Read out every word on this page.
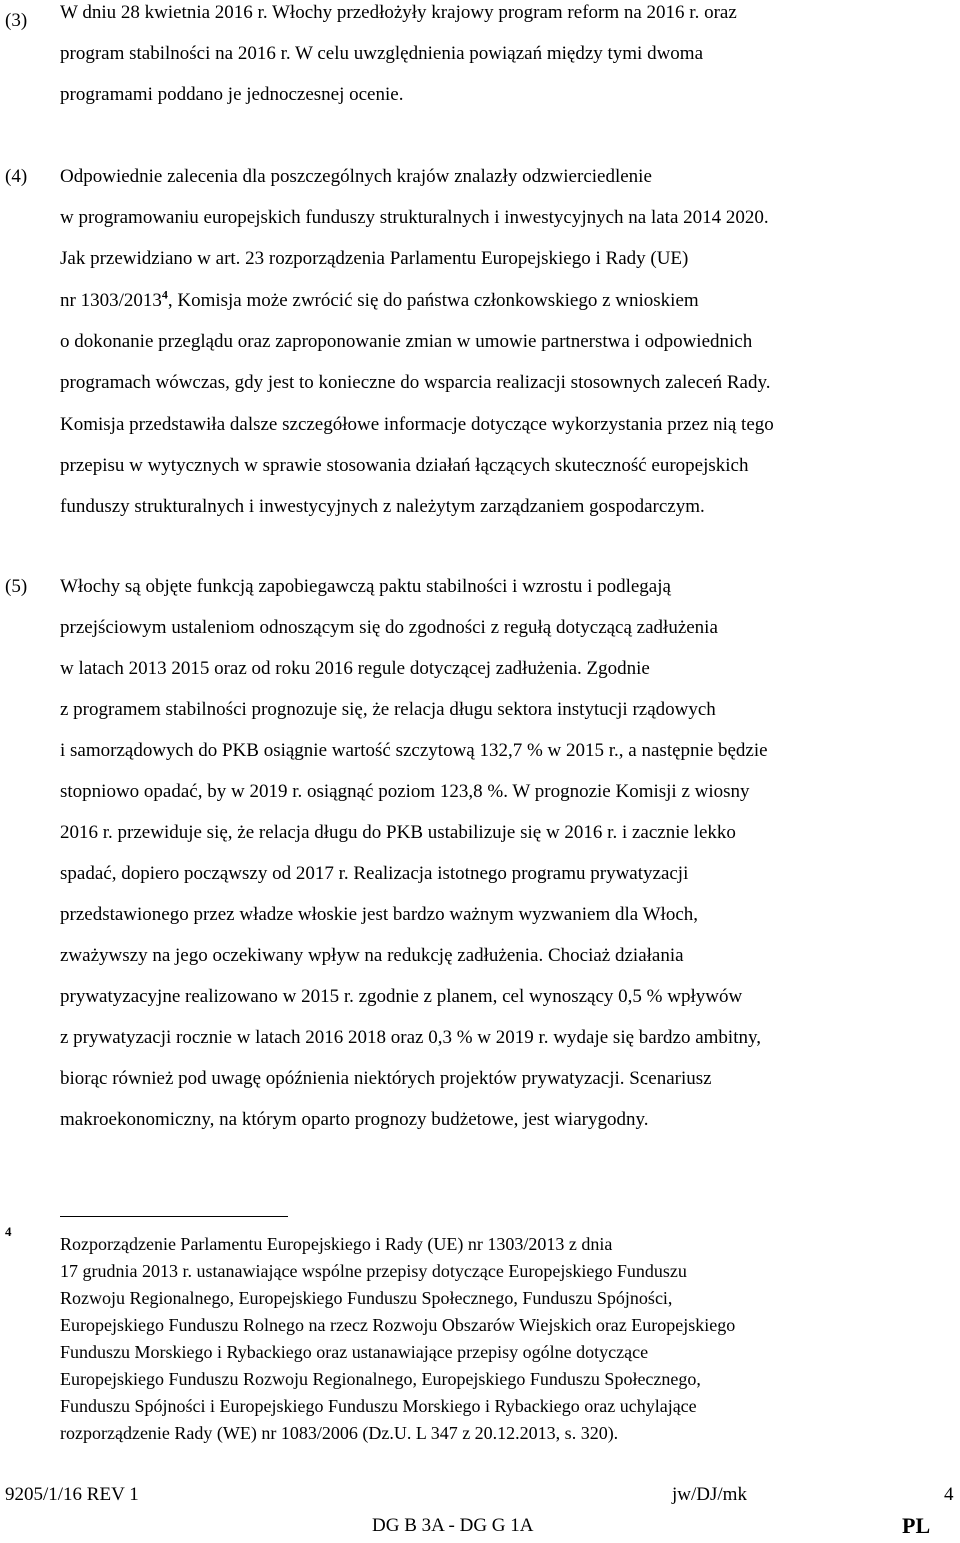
(3) W dniu 28 kwietnia 2016 r. Włochy przedłożyły krajowy program reform na 2016 r. oraz
program stabilności na 2016 r. W celu uwzględnienia powiązań między tymi dwoma
programami poddano je jednoczesnej ocenie.
(4) Odpowiednie zalecenia dla poszczególnych krajów znalazły odzwierciedlenie
w programowaniu europejskich funduszy strukturalnych i inwestycyjnych na lata 2014 2020.
Jak przewidziano w art. 23 rozporządzenia Parlamentu Europejskiego i Rady (UE)
nr 1303/2013$^4$, Komisja może zwrócić się do państwa członkowskiego z wnioskiem
o dokonanie przeglądu oraz zaproponowanie zmian w umowie partnerstwa i odpowiednich
programach wówczas, gdy jest to konieczne do wsparcia realizacji stosownych zaleceń Rady.
Komisja przedstawiła dalsze szczegółowe informacje dotyczące wykorzystania przez nią tego
przepisu w wytycznych w sprawie stosowania działań łączących skuteczność europejskich
funduszy strukturalnych i inwestycyjnych z należytym zarządzaniem gospodarczym.
(5) Włochy są objęte funkcją zapobiegawczą paktu stabilności i wzrostu i podlegają
przejściowym ustaleniom odnoszącym się do zgodności z regułą dotyczącą zadłużenia
w latach 2013 2015 oraz od roku 2016 regule dotyczącej zadłużenia. Zgodnie
z programem stabilności prognozuje się, że relacja długu sektora instytucji rządowych
i samorządowych do PKB osiągnie wartość szczytową 132,7 % w 2015 r., a następnie będzie
stopniowo opadać, by w 2019 r. osiągnąć poziom 123,8 %. W prognozie Komisji z wiosny
2016 r. przewiduje się, że relacja długu do PKB ustabilizuje się w 2016 r. i zacznie lekko
spadać, dopiero począwszy od 2017 r. Realizacja istotnego programu prywatyzacji
przedstawionego przez władze włoskie jest bardzo ważnym wyzwaniem dla Włoch,
zważywszy na jego oczekiwany wpływ na redukcję zadłużenia. Chociaż działania
prywatyzacyjne realizowano w 2015 r. zgodnie z planem, cel wynoszący 0,5 % wpływów
z prywatyzacji rocznie w latach 2016 2018 oraz 0,3 % w 2019 r. wydaje się bardzo ambitny,
biorąc również pod uwagę opóźnienia niektórych projektów prywatyzacji. Scenariusz
makroekonomiczny, na którym oparto prognozy budżetowe, jest wiarygodny.
4
Rozporządzenie Parlamentu Europejskiego i Rady (UE) nr 1303/2013 z dnia
17 grudnia 2013 r. ustanawiające wspólne przepisy dotyczące Europejskiego Funduszu
Rozwoju Regionalnego, Europejskiego Funduszu Społecznego, Funduszu Spójności,
Europejskiego Funduszu Rolnego na rzecz Rozwoju Obszarów Wiejskich oraz Europejskiego
Funduszu Morskiego i Rybackiego oraz ustanawiające przepisy ogólne dotyczące
Europejskiego Funduszu Rozwoju Regionalnego, Europejskiego Funduszu Społecznego,
Funduszu Spójności i Europejskiego Funduszu Morskiego i Rybackiego oraz uchylające
rozporządzenie Rady (WE) nr 1083/2006 (Dz.U. L 347 z 20.12.2013, s. 320).
9205/1/16 REV 1	jw/DJ/mk	4
DG B 3A - DG G 1A	PL
